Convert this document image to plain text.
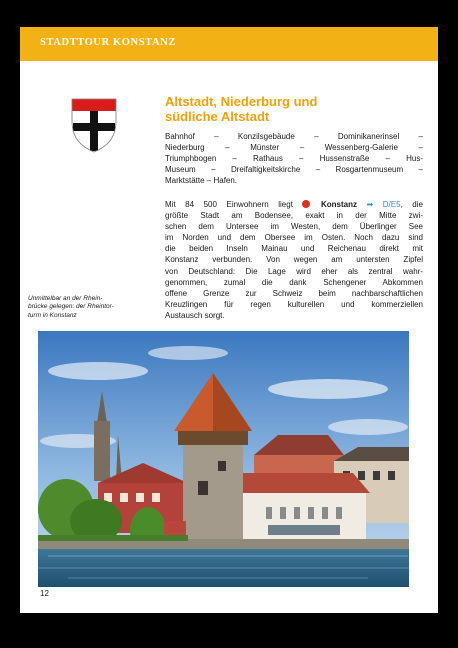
STADTTOUR KONSTANZ
Altstadt, Niederburg und
südliche Altstadt
Bahnhof – Konzilsgebäude – Dominikanerinsel –
Niederburg – Münster – Wessenberg-Galerie –
Triumphbogen – Rathaus – Hussenstraße – Hus-
Museum – Dreifaltigkeitskirche – Rosgartenmuseum –
Marktstätte – Hafen.
Mit 84 500 Einwohnern liegt	Konstanz ➡ D/E5, die
größte Stadt am Bodensee, exakt in der Mitte zwi-
schen dem Untersee im Westen, dem Überlinger See
im Norden und dem Obersee im Osten. Noch dazu sind
die beiden Inseln Mainau und Reichenau direkt mit
Konstanz verbunden. Von wegen am untersten Zipfel
von Deutschland: Die Lage wird eher als zentral wahr-
genommen, zumal die dank Schengener Abkommen
offene Grenze zur Schweiz beim nachbarschaftlichen
Kreuzlingen für regen kulturellen und kommerziellen
Austausch sorgt.
Unmittelbar an der Rhein-
brücke gelegen: der Rheintor-
turm in Konstanz
12
